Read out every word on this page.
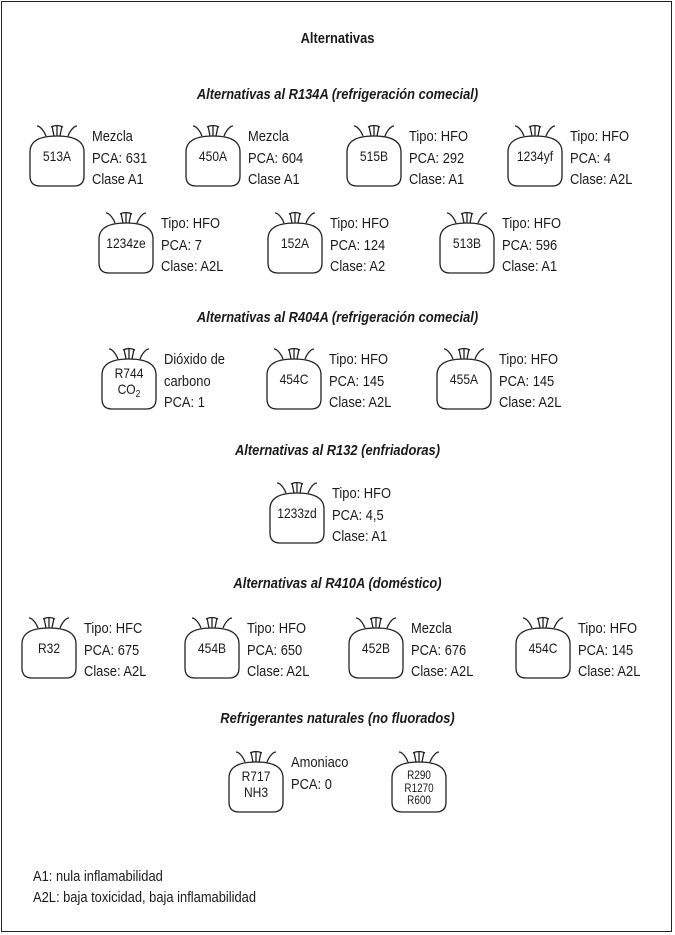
Alternativas
Alternativas al R134A (refrigeración comecial)
513A
Mezcla
PCA: 631
Clase A1
450A
Mezcla
PCA: 604
Clase A1
515B
Tipo: HFO
PCA: 292
Clase: A1
1234yf
Tipo: HFO
PCA: 4
Clase: A2L
1234ze
Tipo: HFO
PCA: 7
Clase: A2L
152A
Tipo: HFO
PCA: 124
Clase: A2
513B
Tipo: HFO
PCA: 596
Clase: A1
Alternativas al R404A (refrigeración comecial)
R744
$CO_2$
Dióxido de
carbono
PCA: 1
454C
Tipo: HFO
PCA: 145
Clase: A2L
455A
Tipo: HFO
PCA: 145
Clase: A2L
Alternativas al R132 (enfriadoras)
1233zd
Tipo: HFO
PCA: 4,5
Clase: A1
Alternativas al R410A (doméstico)
R32
Tipo: HFC
PCA: 675
Clase: A2L
454B
Tipo: HFO
PCA: 650
Clase: A2L
452B
Mezcla
PCA: 676
Clase: A2L
454C
Tipo: HFO
PCA: 145
Clase: A2L
Refrigerantes naturales (no fluorados)
R717
NH3
Amoniaco
PCA: 0	R290
R1270
R600
A1: nula inflamabilidad
A2L: baja toxicidad, baja inflamabilidad
